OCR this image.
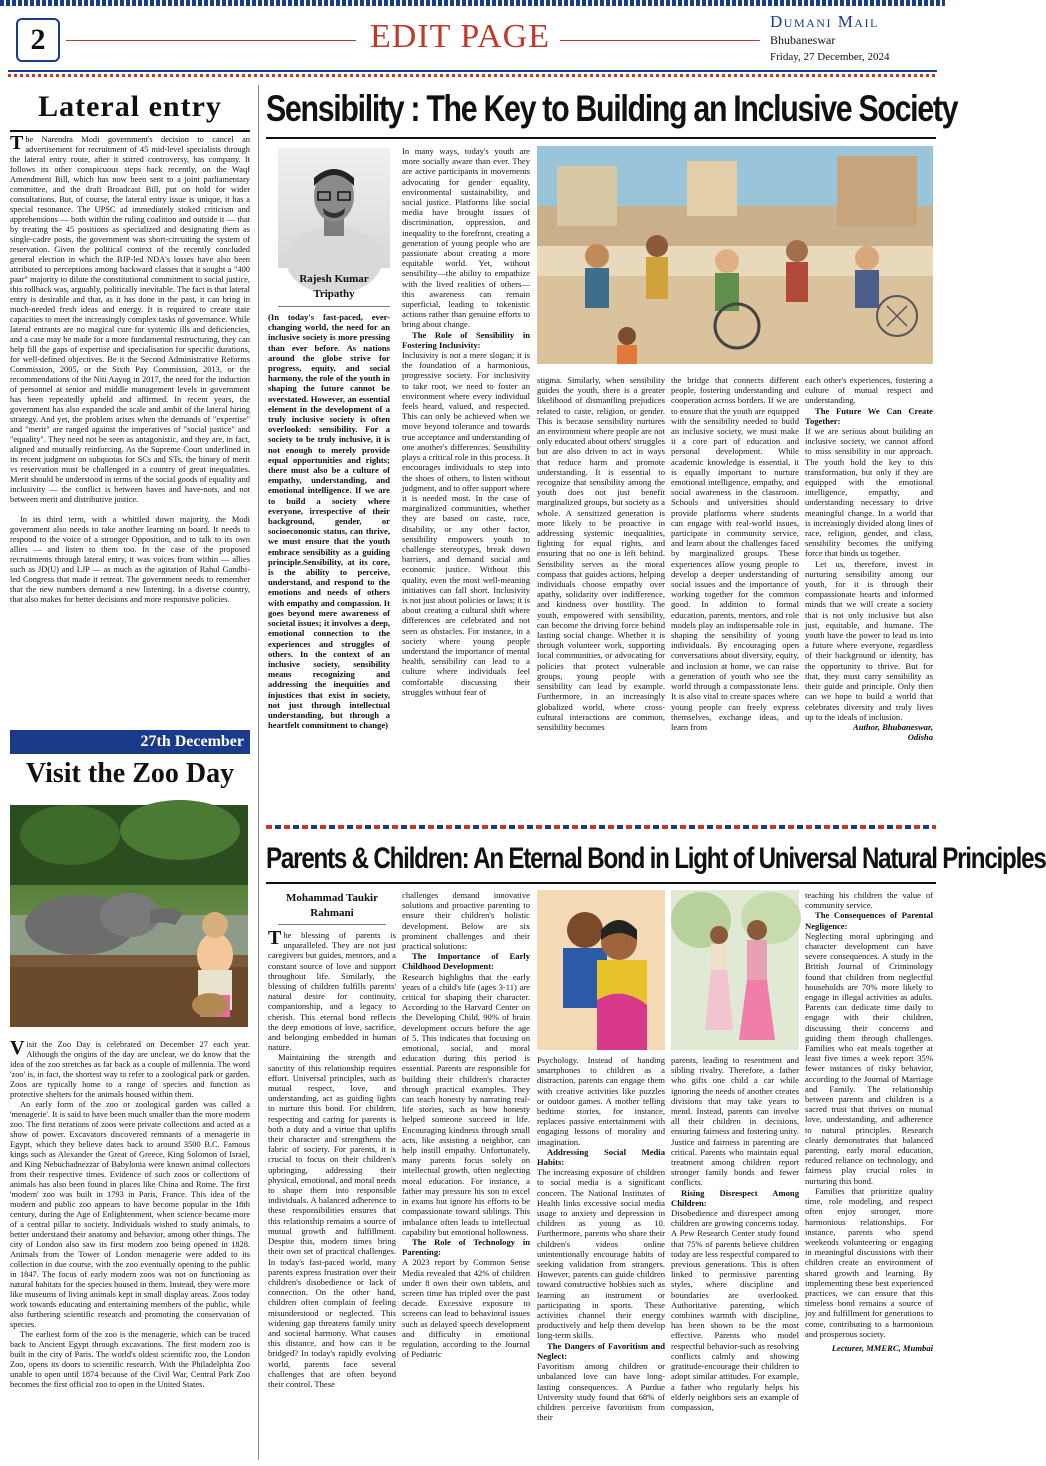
2	EDIT PAGE	Dumani Mail
Bhubaneswar
Friday, 27 December, 2024
Lateral entry

The Narendra Modi government's decision to cancel an advertisement for recruitment of 45 mid-level specialists through the lateral entry route, after it stirred controversy, has company. It follows its other conspicuous steps back recently, on the Waqf Amendment Bill, which has now been sent to a joint parliamentary committee, and the draft Broadcast Bill, put on hold for wider consultations. But, of course, the lateral entry issue is unique, it has a special resonance. The UPSC ad immediately stoked criticism and apprehensions — both within the ruling coalition and outside it — that by treating the 45 positions as specialized and designating them as single-cadre posts, the government was short-circuiting the system of reservation. Given the political context of the recently concluded general election in which the BJP-led NDA's losses have also been attributed to perceptions among backward classes that it sought a "400 paar" majority to dilute the constitutional commitment to social justice, this rollback was, arguably, politically inevitable. The fact is that lateral entry is desirable and that, as it has done in the past, it can bring in much-needed fresh ideas and energy. It is required to create state capacities to meet the increasingly complex tasks of governance. While lateral entrants are no magical cure for systemic ills and deficiencies, and a case may be made for a more fundamental restructuring, they can help fill the gaps of expertise and specialisation for specific durations, for well-defined objectives. Be it the Second Administrative Reforms Commission, 2005, or the Sixth Pay Commission, 2013, or the recommendations of the Niti Aayog in 2017, the need for the induction of personnel at senior and middle management levels in government has been repeatedly upheld and affirmed. In recent years, the government has also expanded the scale and ambit of the lateral hiring strategy. And yet, the problem arises when the demands of "expertise" and "merit" are ranged against the imperatives of "social justice" and "equality". They need not be seen as antagonistic, and they are, in fact, aligned and mutually reinforcing. As the Supreme Court underlined in its recent judgment on subquotas for SCs and STs, the binary of merit vs reservation must be challenged in a country of great inequalities. Merit should be understood in terms of the social goods of equality and inclusivity — the conflict is between haves and have-nots, and not between merit and distributive justice.

In its third term, with a whittled down majority, the Modi government also needs to take another learning on board. It needs to respond to the voice of a stronger Opposition, and to talk to its own allies — and listen to them too. In the case of the proposed recruitments through lateral entry, it was voices from within — allies such as JD(U) and LJP — as much as the agitation of Rahul Gandhi-led Congress that made it retreat. The government needs to remember that the new numbers demand a new listening. In a diverse country, that also makes for better decisions and more responsive policies.

27th December
Visit the Zoo Day

Visit the Zoo Day is celebrated on December 27 each year. Although the origins of the day are unclear, we do know that the idea of the zoo stretches as far back as a couple of millennia. The word 'zoo' is, in fact, the shortest way to refer to a zoological park or garden. Zoos are typically home to a range of species and function as protective shelters for the animals housed within them.

An early form of the zoo or zoological garden was called a 'menagerie'. It is said to have been much smaller than the more modern zoo. The first iterations of zoos were private collections and acted as a show of power. Excavators discovered remnants of a menagerie in Egypt, which they believe dates back to around 3500 B.C. Famous kings such as Alexander the Great of Greece, King Solomon of Israel, and King Nebuchadnezzar of Babylonia were known animal collectors from their respective times. Evidence of such zoos or collections of animals has also been found in places like China and Rome. The first 'modern' zoo was built in 1793 in Paris, France. This idea of the modern and public zoo appears to have become popular in the 18th century, during the Age of Enlightenment, when science became more of a central pillar to society. Individuals wished to study animals, to better understand their anatomy and behavior, among other things. The city of London also saw its first modern zoo being opened in 1828. Animals from the Tower of London menagerie were added to its collection in due course, with the zoo eventually opening to the public in 1847. The focus of early modern zoos was not on functioning as natural habitats for the species housed in them. Instead, they were more like museums of living animals kept in small display areas. Zoos today work towards educating and entertaining members of the public, while also furthering scientific research and promoting the conservation of species.

The earliest form of the zoo is the menagerie, which can be traced back to Ancient Egypt through excavations. The first modern zoo is built in the city of Paris. The world's oldest scientific zoo, the London Zoo, opens its doors to scientific research. With the Philadelphia Zoo unable to open until 1874 because of the Civil War, Central Park Zoo becomes the first official zoo to open in the United States.

Sensibility : The Key to Building an Inclusive Society
Rajesh Kumar
Tripathy

(In today's fast-paced, ever-changing world, the need for an inclusive society is more pressing than ever before. As nations around the globe strive for progress, equity, and social harmony, the role of the youth in shaping the future cannot be overstated. However, an essential element in the development of a truly inclusive society is often overlooked: sensibility. For a society to be truly inclusive, it is not enough to merely provide equal opportunities and rights; there must also be a culture of empathy, understanding, and emotional intelligence. If we are to build a society where everyone, irrespective of their background, gender, or socioeconomic status, can thrive, we must ensure that the youth embrace sensibility as a guiding principle.Sensibility, at its core, is the ability to perceive, understand, and respond to the emotions and needs of others with empathy and compassion. It goes beyond mere awareness of societal issues; it involves a deep, emotional connection to the experiences and struggles of others. In the context of an inclusive society, sensibility means recognizing and addressing the inequities and injustices that exist in society, not just through intellectual understanding, but through a heartfelt commitment to change)

In many ways, today's youth are more socially aware than ever. They are active participants in movements advocating for gender equality, environmental sustainability, and social justice. Platforms like social media have brought issues of discrimination, oppression, and inequality to the forefront, creating a generation of young people who are passionate about creating a more equitable world. Yet, without sensibility—the ability to empathize with the lived realities of others—this awareness can remain superficial, leading to tokenistic actions rather than genuine efforts to bring about change.

The Role of Sensibility in Fostering Inclusivity:

Inclusivity is not a mere slogan; it is the foundation of a harmonious, progressive society. For inclusivity to take root, we need to foster an environment where every individual feels heard, valued, and respected. This can only be achieved when we move beyond tolerance and towards true acceptance and understanding of one another's differences. Sensibility plays a critical role in this process. It encourages individuals to step into the shoes of others, to listen without judgment, and to offer support where it is needed most. In the case of marginalized communities, whether they are based on caste, race, disability, or any other factor, sensibility empowers youth to challenge stereotypes, break down barriers, and demand social and economic justice. Without this quality, even the most well-meaning initiatives can fall short. Inclusivity is not just about policies or laws; it is about creating a cultural shift where differences are celebrated and not seen as obstacles. For instance, in a society where young people understand the importance of mental health, sensibility can lead to a culture where individuals feel comfortable discussing their struggles without fear of

stigma. Similarly, when sensibility guides the youth, there is a greater likelihood of dismantling prejudices related to caste, religion, or gender. This is because sensibility nurtures an environment where people are not only educated about others' struggles but are also driven to act in ways that reduce harm and promote understanding. It is essential to recognize that sensibility among the youth does not just benefit marginalized groups, but society as a whole. A sensitized generation is more likely to be proactive in addressing systemic inequalities, fighting for equal rights, and ensuring that no one is left behind. Sensibility serves as the moral compass that guides actions, helping individuals choose empathy over apathy, solidarity over indifference, and kindness over hostility. The youth, empowered with sensibility, can become the driving force behind lasting social change. Whether it is through volunteer work, supporting local communities, or advocating for policies that protect vulnerable groups, young people with sensibility can lead by example. Furthermore, in an increasingly globalized world, where cross-cultural interactions are common, sensibility becomes

the bridge that connects different people, fostering understanding and cooperation across borders. If we are to ensure that the youth are equipped with the sensibility needed to build an inclusive society, we must make it a core part of education and personal development. While academic knowledge is essential, it is equally important to nurture emotional intelligence, empathy, and social awareness in the classroom. Schools and universities should provide platforms where students can engage with real-world issues, participate in community service, and learn about the challenges faced by marginalized groups. These experiences allow young people to develop a deeper understanding of social issues and the importance of working together for the common good. In addition to formal education, parents, mentors, and role models play an indispensable role in shaping the sensibility of young individuals. By encouraging open conversations about diversity, equity, and inclusion at home, we can raise a generation of youth who see the world through a compassionate lens. It is also vital to create spaces where young people can freely express themselves, exchange ideas, and learn from

each other's experiences, fostering a culture of mutual respect and understanding.

The Future We Can Create Together:

If we are serious about building an inclusive society, we cannot afford to miss sensibility in our approach. The youth hold the key to this transformation, but only if they are equipped with the emotional intelligence, empathy, and understanding necessary to drive meaningful change. In a world that is increasingly divided along lines of race, religion, gender, and class, sensibility becomes the unifying force that binds us together.

Let us, therefore, invest in nurturing sensibility among our youth, for it is through their compassionate hearts and informed minds that we will create a society that is not only inclusive but also just, equitable, and humane. The youth have the power to lead us into a future where everyone, regardless of their background or identity, has the opportunity to thrive. But for that, they must carry sensibility as their guide and principle. Only then can we hope to build a world that celebrates diversity and truly lives up to the ideals of inclusion.

Author, Bhubaneswar,
Odisha
Parents & Children: An Eternal Bond in Light of Universal Natural Principles
Mohammad Taukir
Rahmani

The blessing of parents is unparalleled. They are not just caregivers but guides, mentors, and a constant source of love and support throughout life. Similarly, the blessing of children fulfills parents' natural desire for continuity, companionship, and a legacy to cherish. This eternal bond reflects the deep emotions of love, sacrifice, and belonging embedded in human nature.

Maintaining the strength and sanctity of this relationship requires effort. Universal principles, such as mutual respect, love, and understanding, act as guiding lights to nurture this bond. For children, respecting and caring for parents is both a duty and a virtue that uplifts their character and strengthens the fabric of society. For parents, it is crucial to focus on their children's upbringing, addressing their physical, emotional, and moral needs to shape them into responsible individuals. A balanced adherence to these responsibilities ensures that this relationship remains a source of mutual growth and fulfillment. Despite this, modern times bring their own set of practical challenges. In today's fast-paced world, many parents express frustration over their children's disobedience or lack of connection. On the other hand, children often complain of feeling misunderstood or neglected. This widening gap threatens family unity and societal harmony. What causes this distance, and how can it be bridged? In today's rapidly evolving world, parents face several challenges that are often beyond their control. These

challenges demand innovative solutions and proactive parenting to ensure their children's holistic development. Below are six prominent challenges and their practical solutions:

The Importance of Early Childhood Development:

Research highlights that the early years of a child's life (ages 3-11) are critical for shaping their character. According to the Harvard Center on the Developing Child, 90% of brain development occurs before the age of 5. This indicates that focusing on emotional, social, and moral education during this period is essential. Parents are responsible for building their children's character through practical examples. They can teach honesty by narrating real-life stories, such as how honesty helped someone succeed in life. Encouraging kindness through small acts, like assisting a neighbor, can help instill empathy. Unfortunately, many parents focus solely on intellectual growth, often neglecting moral education. For instance, a father may pressure his son to excel in exams but ignore his efforts to be compassionate toward siblings. This imbalance often leads to intellectual capability but emotional hollowness.

The Role of Technology in Parenting:

A 2023 report by Common Sense Media revealed that 42% of children under 8 own their own tablets, and screen time has tripled over the past decade. Excessive exposure to screens can lead to behavioral issues such as delayed speech development and difficulty in emotional regulation, according to the Journal of Pediatric

Psychology. Instead of handing smartphones to children as a distraction, parents can engage them with creative activities like puzzles or outdoor games. A mother telling bedtime stories, for instance, replaces passive entertainment with engaging lessons of morality and imagination.

Addressing Social Media Habits:

The increasing exposure of children to social media is a significant concern. The National Institutes of Health links excessive social media usage to anxiety and depression in children as young as 10. Furthermore, parents who share their children's videos online unintentionally encourage habits of seeking validation from strangers. However, parents can guide children toward constructive hobbies such as learning an instrument or participating in sports. These activities channel their energy productively and help them develop long-term skills.

The Dangers of Favoritism and Neglect:

Favoritism among children or unbalanced love can have long-lasting consequences. A Purdue University study found that 68% of children perceive favoritism from their

parents, leading to resentment and sibling rivalry. Therefore, a father who gifts one child a car while ignoring the needs of another creates divisions that may take years to mend. Instead, parents can involve all their children in decisions, ensuring fairness and fostering unity. Justice and fairness in parenting are critical. Parents who maintain equal treatment among children report stronger family bonds and fewer conflicts.

Rising Disrespect Among Children:

Disobedience and disrespect among children are growing concerns today. A Pew Research Center study found that 75% of parents believe children today are less respectful compared to previous generations. This is often linked to permissive parenting styles, where discipline and boundaries are overlooked. Authoritative parenting, which combines warmth with discipline, has been shown to be the most effective. Parents who model respectful behavior-such as resolving conflicts calmly and showing gratitude-encourage their children to adopt similar attitudes. For example, a father who regularly helps his elderly neighbors sets an example of compassion,

teaching his children the value of community service.

The Consequences of Parental Negligence:

Neglecting moral upbringing and character development can have severe consequences. A study in the British Journal of Criminology found that children from neglectful households are 70% more likely to engage in illegal activities as adults. Parents can dedicate time daily to engage with their children, discussing their concerns and guiding them through challenges. Families who eat meals together at least five times a week report 35% fewer instances of risky behavior, according to the Journal of Marriage and Family. The relationship between parents and children is a sacred trust that thrives on mutual love, understanding, and adherence to natural principles. Research clearly demonstrates that balanced parenting, early moral education, reduced reliance on technology, and fairness play crucial roles in nurturing this bond.

Families that prioritize quality time, role modeling, and respect often enjoy stronger, more harmonious relationships. For instance, parents who spend weekends volunteering or engaging in meaningful discussions with their children create an environment of shared growth and learning. By implementing these best experienced practices, we can ensure that this timeless bond remains a source of joy and fulfillment for generations to come, contributing to a harmonious and prosperous society.

Lecturer, MMERC, Mumbai
